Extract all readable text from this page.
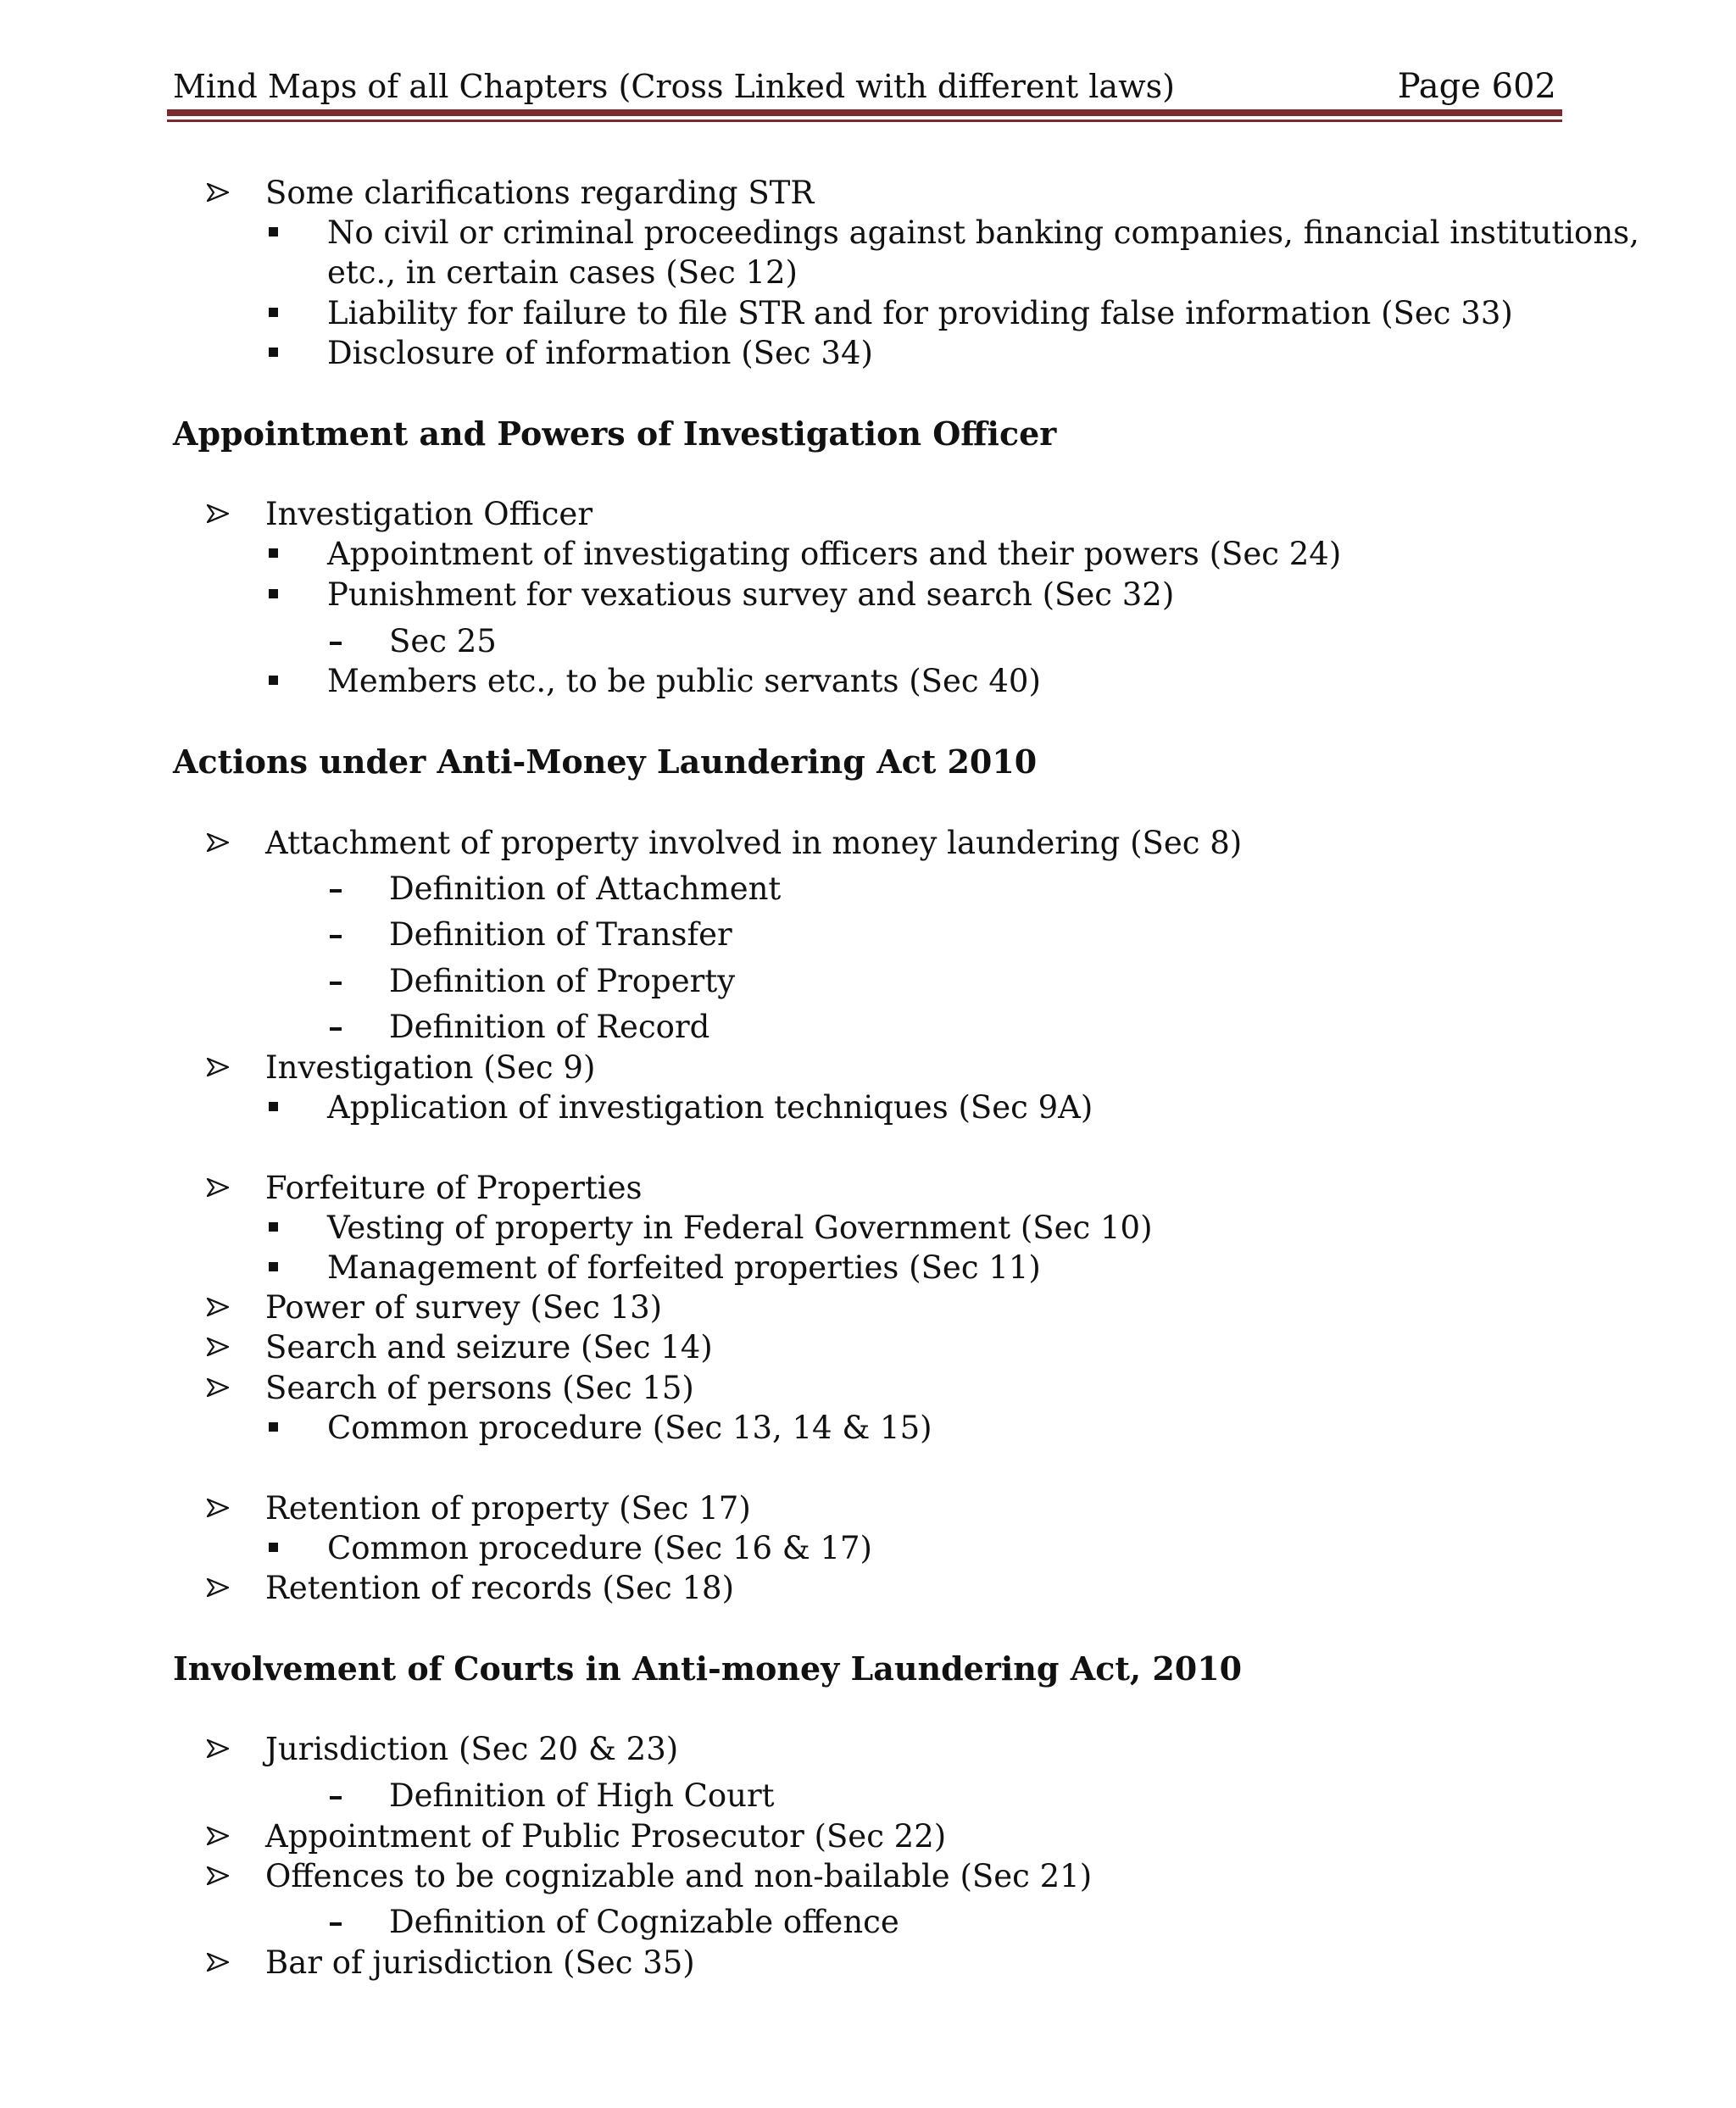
Mind Maps of all Chapters (Cross Linked with different laws)	Page 602
Some clarifications regarding STR
No civil or criminal proceedings against banking companies, financial institutions,
etc., in certain cases (Sec 12)
Liability for failure to file STR and for providing false information (Sec 33)
Disclosure of information (Sec 34)
Appointment and Powers of Investigation Officer
Investigation Officer
Appointment of investigating officers and their powers (Sec 24)
Punishment for vexatious survey and search (Sec 32)
Sec 25
Members etc., to be public servants (Sec 40)
Actions under Anti-Money Laundering Act 2010
Attachment of property involved in money laundering (Sec 8)
Definition of Attachment
Definition of Transfer
Definition of Property
Definition of Record
Investigation (Sec 9)
Application of investigation techniques (Sec 9A)
Forfeiture of Properties
Vesting of property in Federal Government (Sec 10)
Management of forfeited properties (Sec 11)
Power of survey (Sec 13)
Search and seizure (Sec 14)
Search of persons (Sec 15)
Common procedure (Sec 13, 14 & 15)
Retention of property (Sec 17)
Common procedure (Sec 16 & 17)
Retention of records (Sec 18)
Involvement of Courts in Anti-money Laundering Act, 2010
Jurisdiction (Sec 20 & 23)
Definition of High Court
Appointment of Public Prosecutor (Sec 22)
Offences to be cognizable and non-bailable (Sec 21)
Definition of Cognizable offence
Bar of jurisdiction (Sec 35)
